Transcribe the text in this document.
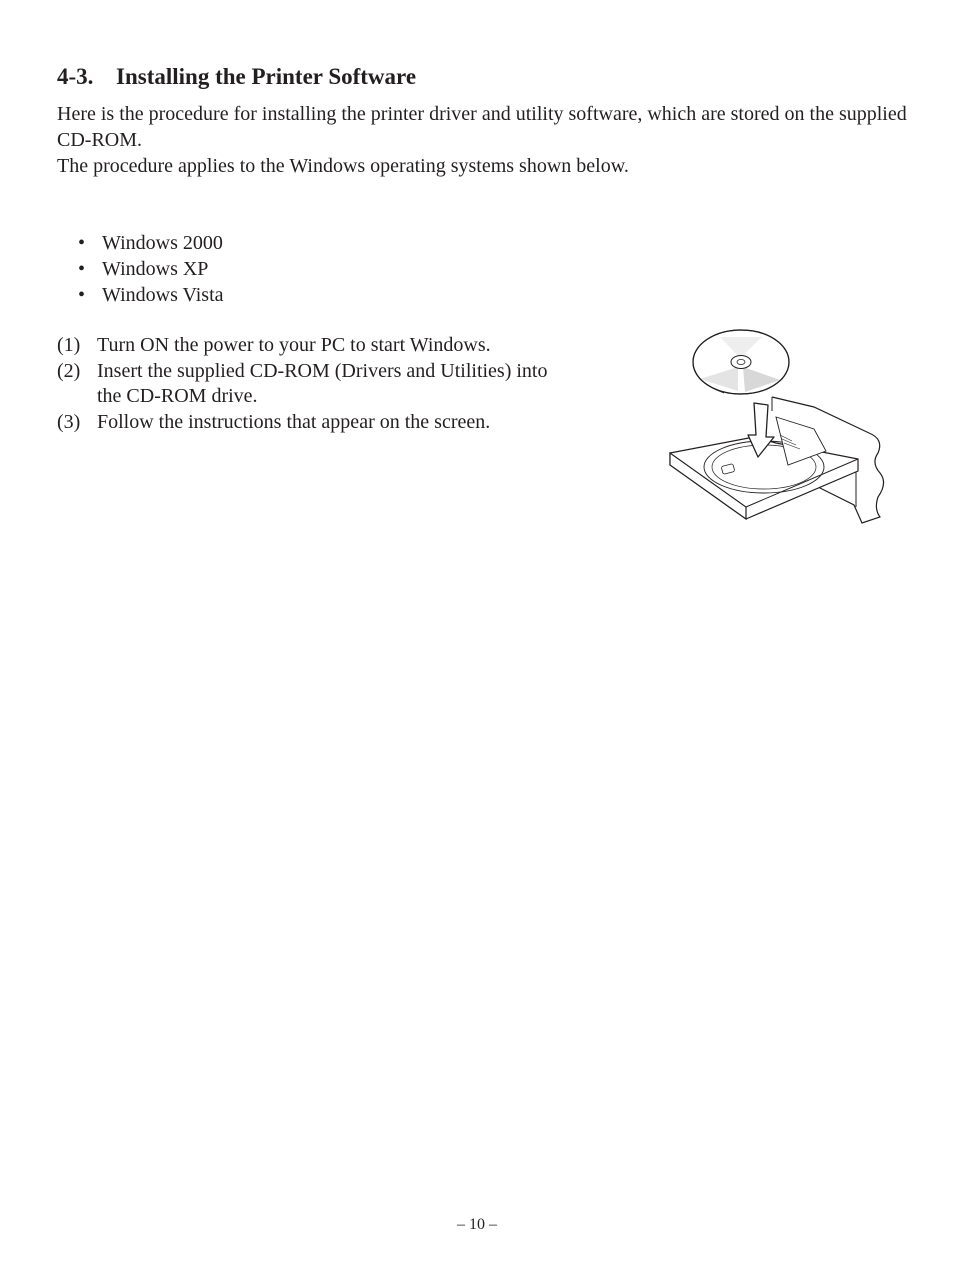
4-3. Installing the Printer Software

Here is the procedure for installing the printer driver and utility software, which are stored on the supplied CD-ROM.

The procedure applies to the Windows operating systems shown below.

• Windows 2000
• Windows XP
• Windows Vista
(1) Turn ON the power to your PC to start Windows.
(2) Insert the supplied CD-ROM (Drivers and Utilities) into the CD-ROM drive.
(3) Follow the instructions that appear on the screen.
– 10 –
